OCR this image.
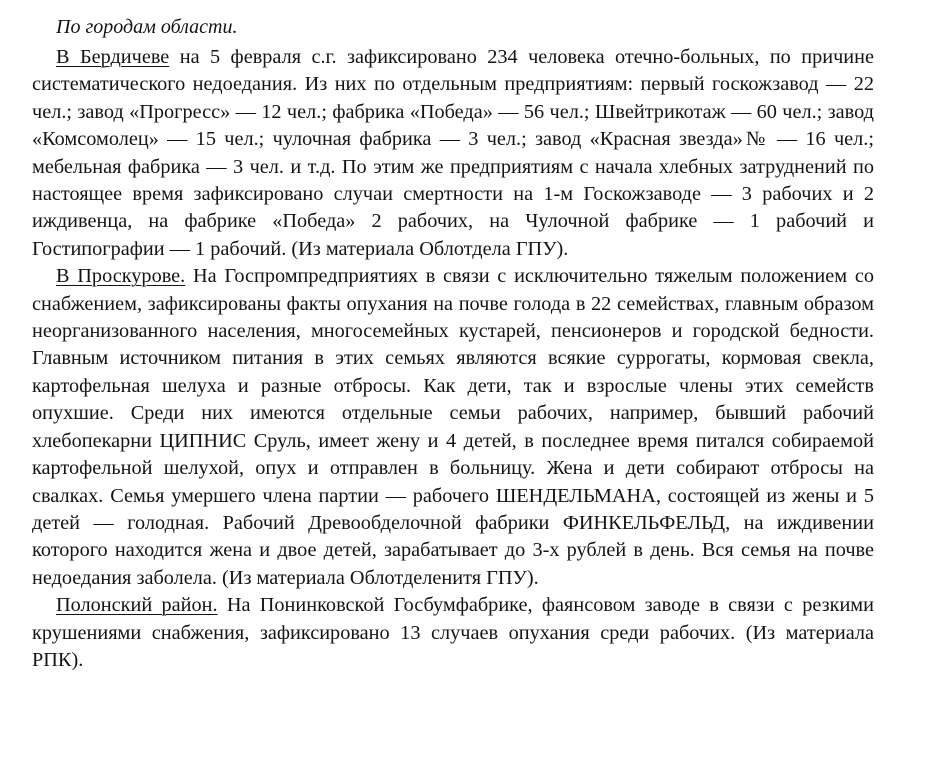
По городам области.

В Бердичеве на 5 февраля с.г. зафиксировано 234 человека отечно-больных, по причине систематического недоедания. Из них по отдельным предприятиям: первый госкожзавод — 22 чел.; завод «Прогресс» — 12 чел.; фабрика «Победа» — 56 чел.; Швейтрикотаж — 60 чел.; завод «Комсомолец» — 15 чел.; чулочная фабрика — 3 чел.; завод «Красная звезда»№ — 16 чел.; мебельная фабрика — 3 чел. и т.д. По этим же предприятиям с начала хлебных затруднений по настоящее время зафиксировано случаи смертности на 1-м Госкожзаводе — 3 рабочих и 2 иждивенца, на фабрике «Победа» 2 рабочих, на Чулочной фабрике — 1 рабочий и Гостипографии — 1 рабочий. (Из материала Облотдела ГПУ).

В Проскурове. На Госпромпредприятиях в связи с исключительно тяжелым положением со снабжением, зафиксированы факты опухания на почве голода в 22 семействах, главным образом неорганизованного населения, многосемейных кустарей, пенсионеров и городской бедности. Главным источником питания в этих семьях являются всякие суррогаты, кормовая свекла, картофельная шелуха и разные отбросы. Как дети, так и взрослые члены этих семейств опухшие. Среди них имеются отдельные семьи рабочих, например, бывший рабочий хлебопекарни ЦИПНИС Сруль, имеет жену и 4 детей, в последнее время питался собираемой картофельной шелухой, опух и отправлен в больницу. Жена и дети собирают отбросы на свалках. Семья умершего члена партии — рабочего ШЕНДЕЛЬМАНА, состоящей из жены и 5 детей — голодная. Рабочий Древообделочной фабрики ФИНКЕЛЬФЕЛЬД, на иждивении которого находится жена и двое детей, зарабатывает до 3-х рублей в день. Вся семья на почве недоедания заболела. (Из материала Облотделенитя ГПУ).

Полонский район. На Понинковской Госбумфабрике, фаянсовом заводе в связи с резкими крушениями снабжения, зафиксировано 13 случаев опухания среди рабочих. (Из материала РПК).
